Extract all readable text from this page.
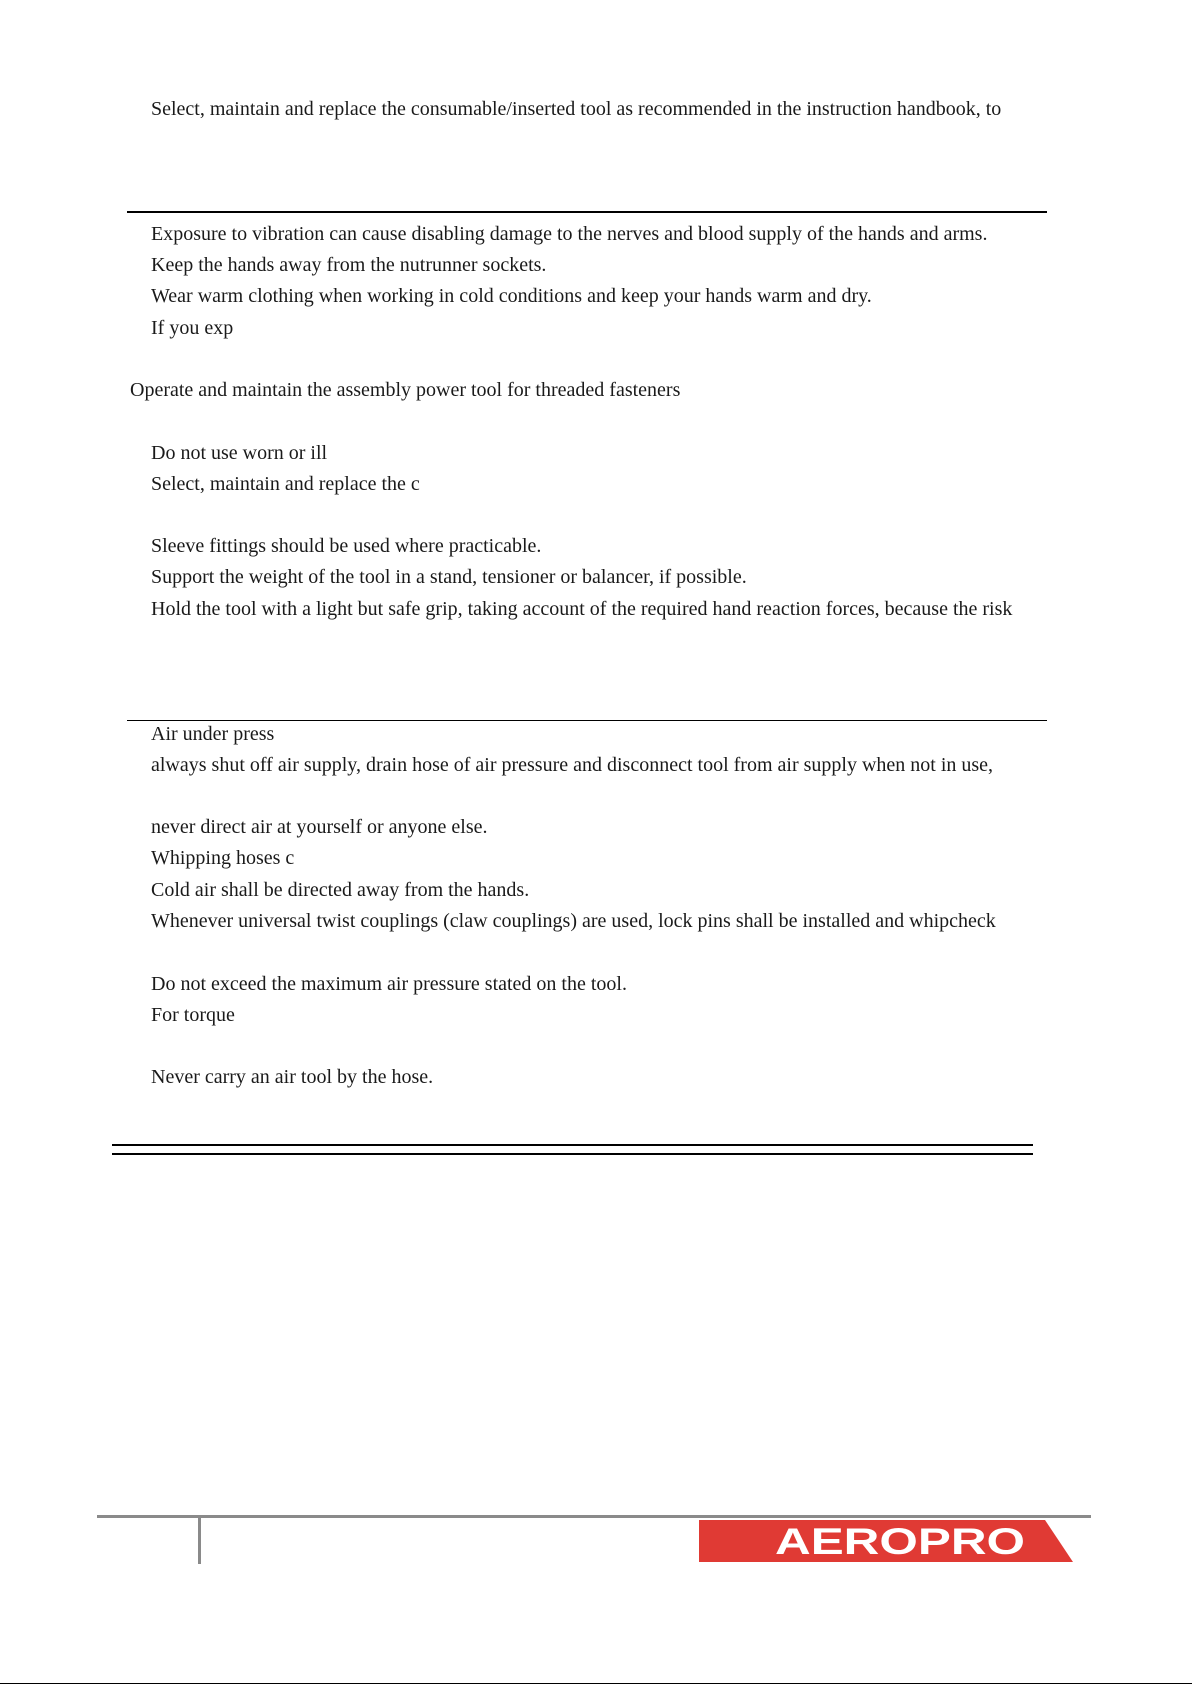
Select, maintain and replace the consumable/inserted tool as recommended in the instruction handbook, to
Exposure to vibration can cause disabling damage to the nerves and blood supply of the hands and arms.
Keep the hands away from the nutrunner sockets.
Wear warm clothing when working in cold conditions and keep your hands warm and dry.
If you exp
Operate and maintain the assembly power tool for threaded fasteners
Do not use worn or ill
Select, maintain and replace the c
Sleeve fittings should be used where practicable.
Support the weight of the tool in a stand, tensioner or balancer, if possible.
Hold the tool with a light but safe grip, taking account of the required hand reaction forces, because the risk
Air under press
always shut off air supply, drain hose of air pressure and disconnect tool from air supply when not in use,
never direct air at yourself or anyone else.
Whipping hoses c
Cold air shall be directed away from the hands.
Whenever universal twist couplings (claw couplings) are used, lock pins shall be installed and whipcheck
Do not exceed the maximum air pressure stated on the tool.
For torque
Never carry an air tool by the hose.
AEROPRO
